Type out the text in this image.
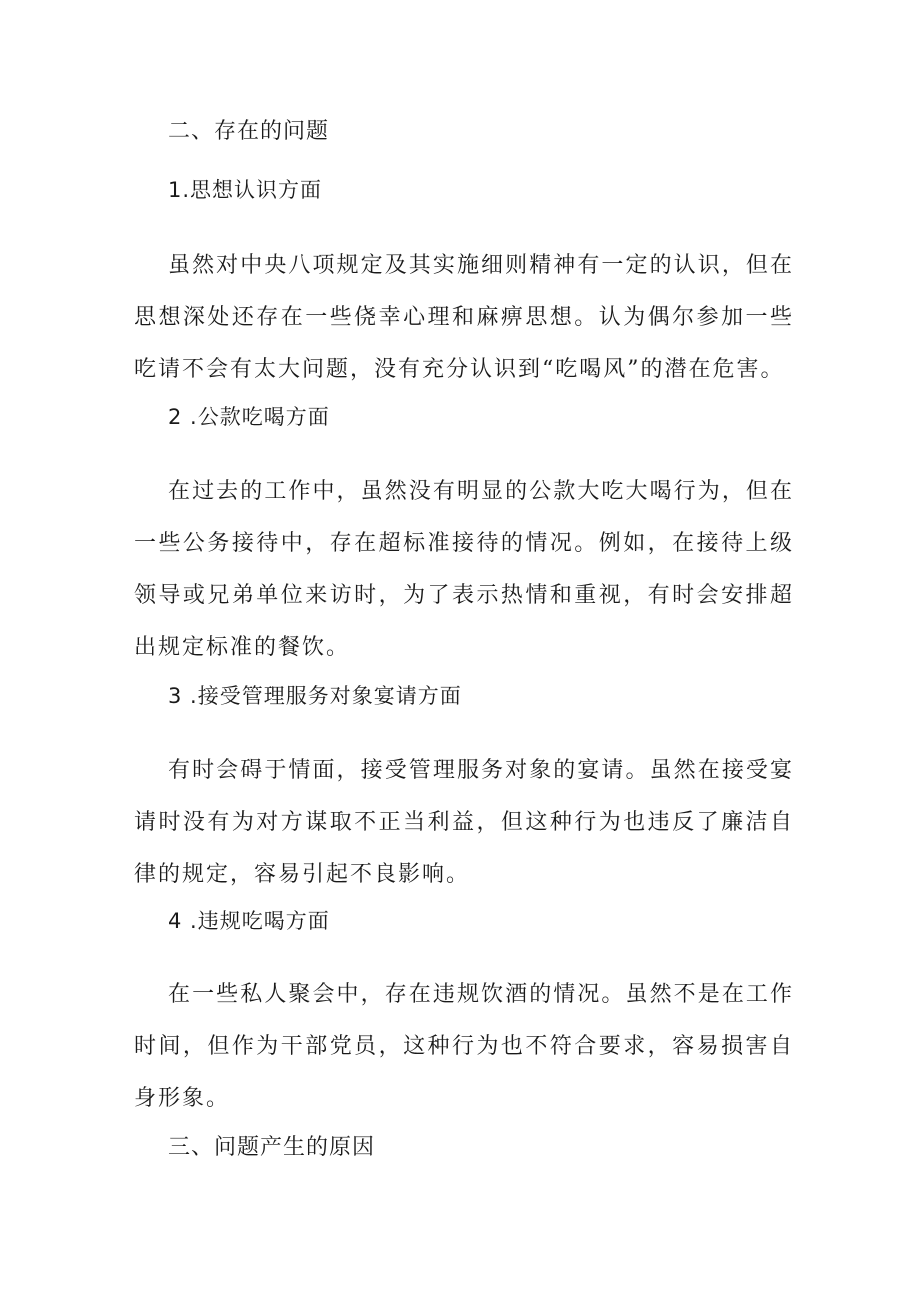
二、存在的问题
1.思想认识方面
虽然对中央八项规定及其实施细则精神有一定的认识，但在思想深处还存在一些侥幸心理和麻痹思想。认为偶尔参加一些吃请不会有太大问题，没有充分认识到“吃喝风”的潜在危害。
2 .公款吃喝方面
在过去的工作中，虽然没有明显的公款大吃大喝行为，但在一些公务接待中，存在超标准接待的情况。例如，在接待上级领导或兄弟单位来访时，为了表示热情和重视，有时会安排超出规定标准的餐饮。
3 .接受管理服务对象宴请方面
有时会碍于情面，接受管理服务对象的宴请。虽然在接受宴请时没有为对方谋取不正当利益，但这种行为也违反了廉洁自律的规定，容易引起不良影响。
4 .违规吃喝方面
在一些私人聚会中，存在违规饮酒的情况。虽然不是在工作时间，但作为干部党员，这种行为也不符合要求，容易损害自身形象。
三、问题产生的原因
